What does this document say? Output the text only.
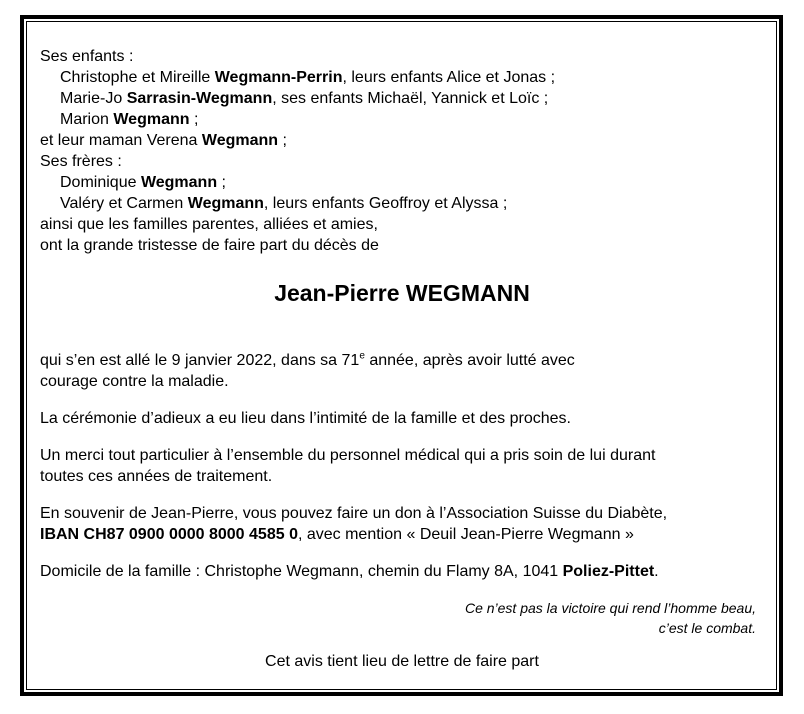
Ses enfants :
Christophe et Mireille Wegmann-Perrin, leurs enfants Alice et Jonas ;
Marie-Jo Sarrasin-Wegmann, ses enfants Michaël, Yannick et Loïc ;
Marion Wegmann ;
et leur maman Verena Wegmann ;
Ses frères :
Dominique Wegmann ;
Valéry et Carmen Wegmann, leurs enfants Geoffroy et Alyssa ;
ainsi que les familles parentes, alliées et amies,
ont la grande tristesse de faire part du décès de
Jean-Pierre WEGMANN

qui s’en est allé le 9 janvier 2022, dans sa 71e année, après avoir lutté avec
courage contre la maladie.

La cérémonie d’adieux a eu lieu dans l’intimité de la famille et des proches.

Un merci tout particulier à l’ensemble du personnel médical qui a pris soin de lui durant
toutes ces années de traitement.

En souvenir de Jean-Pierre, vous pouvez faire un don à l’Association Suisse du Diabète,
IBAN CH87 0900 0000 8000 4585 0, avec mention « Deuil Jean-Pierre Wegmann »

Domicile de la famille : Christophe Wegmann, chemin du Flamy 8A, 1041 Poliez-Pittet.

Ce n’est pas la victoire qui rend l’homme beau,
c’est le combat.
Cet avis tient lieu de lettre de faire part
